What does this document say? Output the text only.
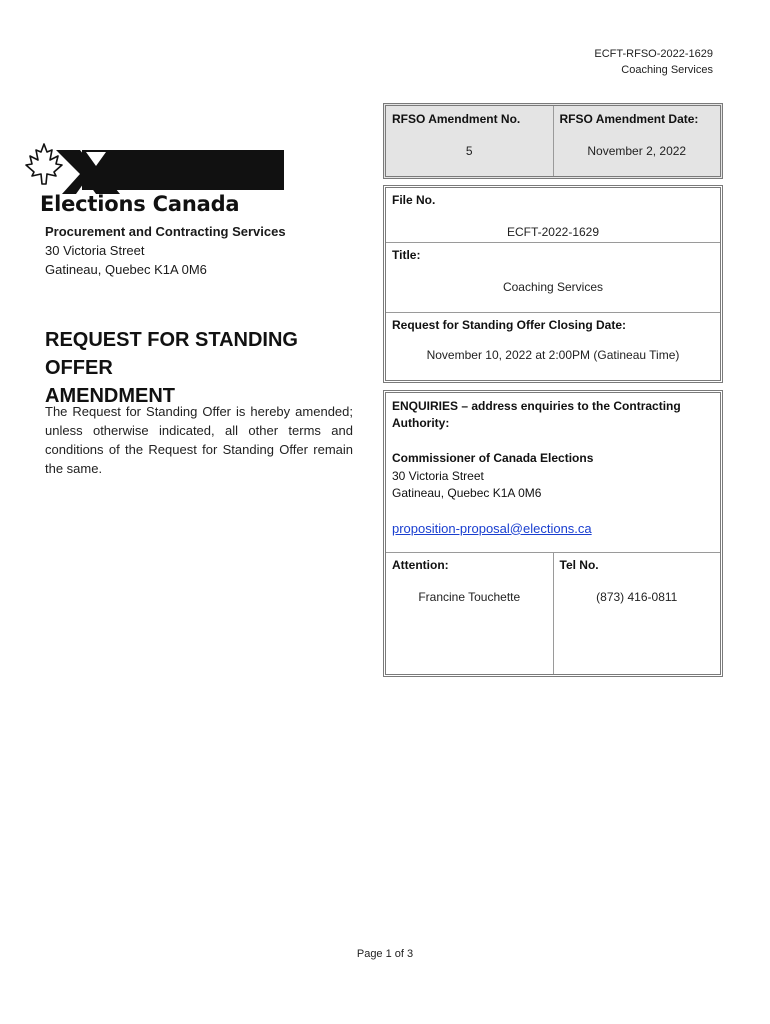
ECFT-RFSO-2022-1629
Coaching Services
Elections Canada
Procurement and Contracting Services
30 Victoria Street
Gatineau, Quebec K1A 0M6
REQUEST FOR STANDING OFFER
AMENDMENT
The Request for Standing Offer is hereby amended; unless otherwise indicated, all other terms and conditions of the Request for Standing Offer remain the same.
RFSO Amendment No.
5
RFSO Amendment Date:
November 2, 2022
File No.
ECFT-2022-1629
Title:
Coaching Services
Request for Standing Offer Closing Date:
November 10, 2022 at 2:00PM (Gatineau Time)
ENQUIRIES – address enquiries to the Contracting Authority:
Commissioner of Canada Elections
30 Victoria Street
Gatineau, Quebec K1A 0M6
proposition-proposal@elections.ca
Attention:
Francine Touchette
Tel No.
(873) 416-0811
Page 1 of 3
